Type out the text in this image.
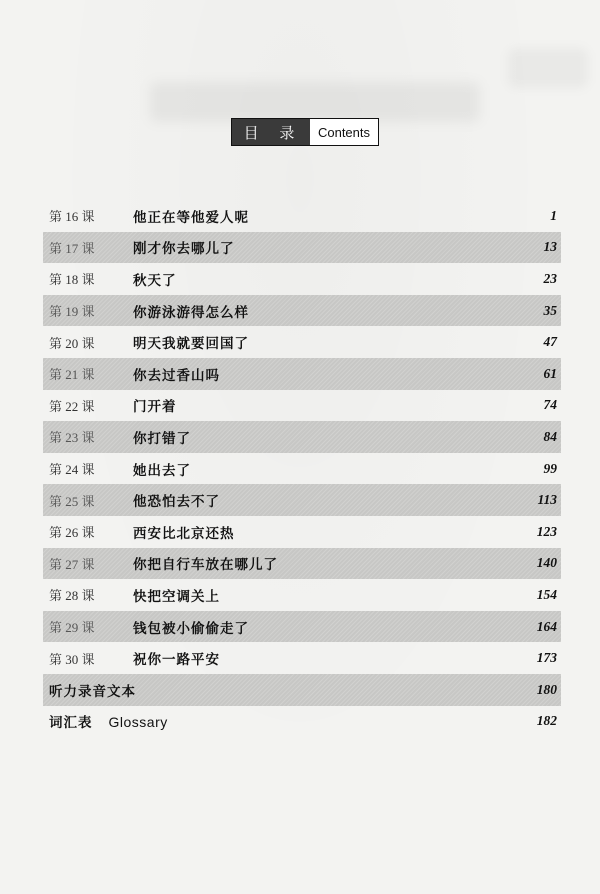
目 录	Contents
第 16 课	他正在等他爱人呢	1
第 17 课	刚才你去哪儿了	13
第 18 课	秋天了	23
第 19 课	你游泳游得怎么样	35
第 20 课	明天我就要回国了	47
第 21 课	你去过香山吗	61
第 22 课	门开着	74
第 23 课	你打错了	84
第 24 课	她出去了	99
第 25 课	他恐怕去不了	113
第 26 课	西安比北京还热	123
第 27 课	你把自行车放在哪儿了	140
第 28 课	快把空调关上	154
第 29 课	钱包被小偷偷走了	164
第 30 课	祝你一路平安	173
听力录音文本	180
词汇表 Glossary	182
